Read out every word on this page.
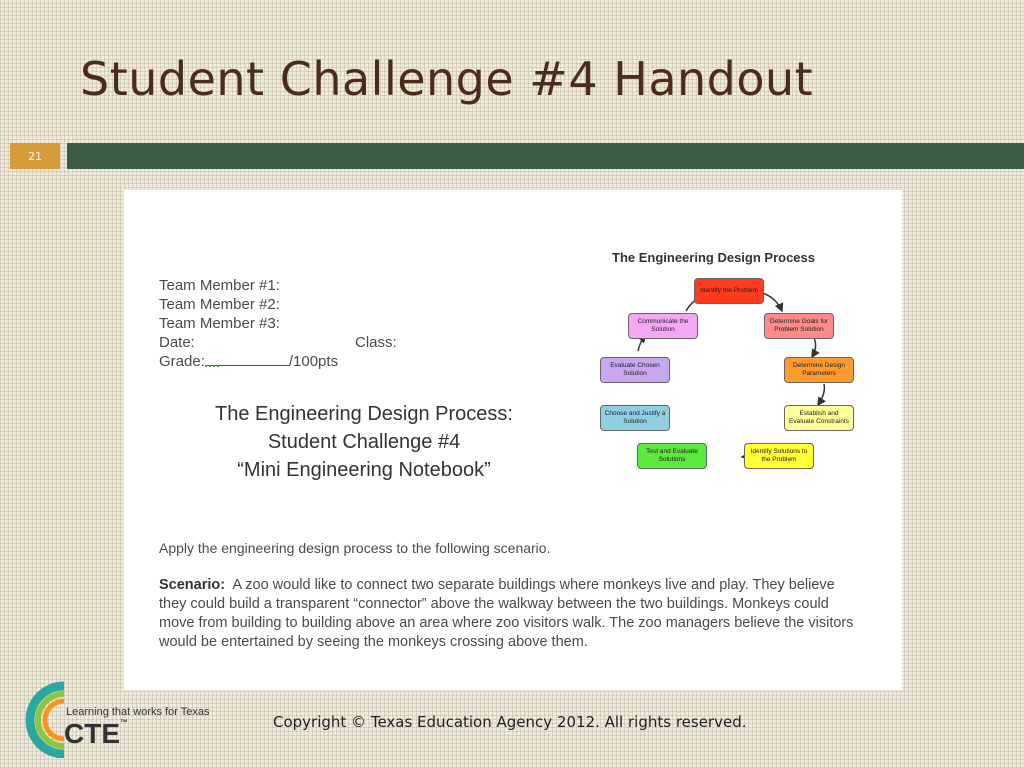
Student Challenge #4 Handout
21
Team Member #1:
Team Member #2:
Team Member #3:
Date:	Class:
Grade:	/100pts
The Engineering Design Process:
Student Challenge #4
“Mini Engineering Notebook”
The Engineering Design Process
Identify the Problem
Determine Goals for Problem Solution
Determine Design Parameters
Establish and Evaluate Constraints
Identify Solutions to the Problem
Test and Evaluate Solutions
Choose and Justify a Solution
Evaluate Chosen Solution
Communicate the Solution
Apply the engineering design process to the following scenario.
Scenario: A zoo would like to connect two separate buildings where monkeys live and play. They believe they could build a transparent “connector” above the walkway between the two buildings. Monkeys could move from building to building above an area where zoo visitors walk. The zoo managers believe the visitors would be entertained by seeing the monkeys crossing above them.
Learning that works for Texas
CTE™	Copyright © Texas Education Agency 2012. All rights reserved.
